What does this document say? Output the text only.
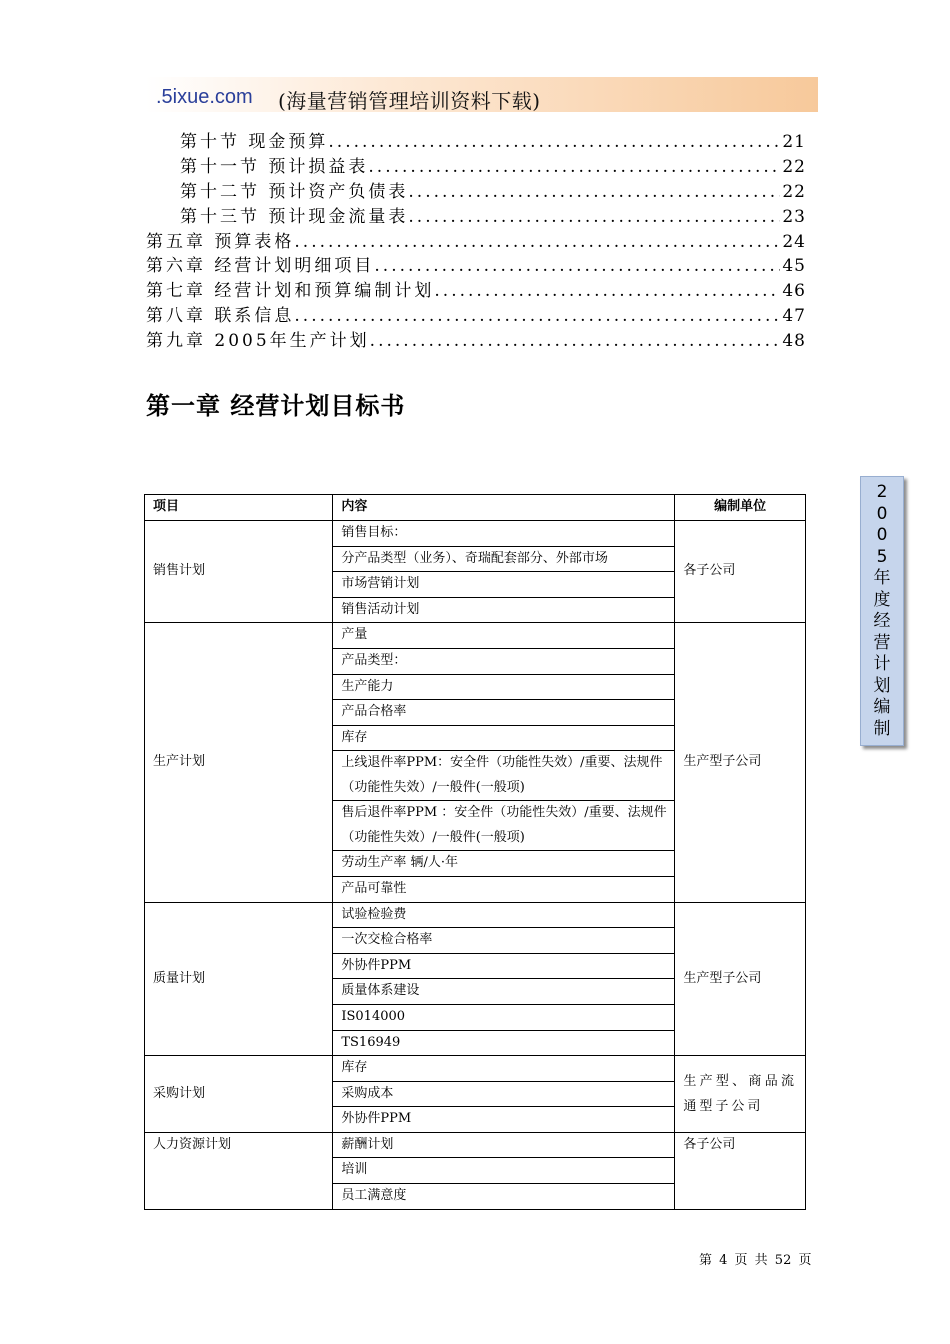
.5ixue.com (海量营销管理培训资料下载)
第十节 现金预算 .....	21
第十一节 预计损益表 .....	22
第十二节 预计资产负债表 .....	22
第十三节 预计现金流量表 .....	23
第五章 预算表格 .....	24
第六章 经营计划明细项目 .....	45
第七章 经营计划和预算编制计划 .....	46
第八章 联系信息 .....	47
第九章 2005年生产计划 .....	48
第一章 经营计划目标书
2
0
0
5
年
度
经
营
计
划
编
制
项目	内容	编制单位
销售计划	销售目标：	各子公司
	分产品类型（业务）、奇瑞配套部分、外部市场	
	市场营销计划	
	销售活动计划	
生产计划	产量	生产型子公司
	产品类型：	
	生产能力	
	产品合格率	
	库存	
	上线退件率PPM：安全件（功能性失效）/重要、法规件（功能性失效）/一般件(一般项)	
	售后退件率PPM ：安全件（功能性失效）/重要、法规件（功能性失效）/一般件(一般项)	
	劳动生产率 辆/人·年	
	产品可靠性	
质量计划	试验检验费	生产型子公司
	一次交检合格率	
	外协件PPM	
	质量体系建设	
	IS014000	
	TS16949	
采购计划	库存	生产型、商品流通型子公司

	采购成本	
	外协件PPM	
人力资源计划	薪酬计划	各子公司
	培训	
	员工满意度	
第 4 页 共 52 页
